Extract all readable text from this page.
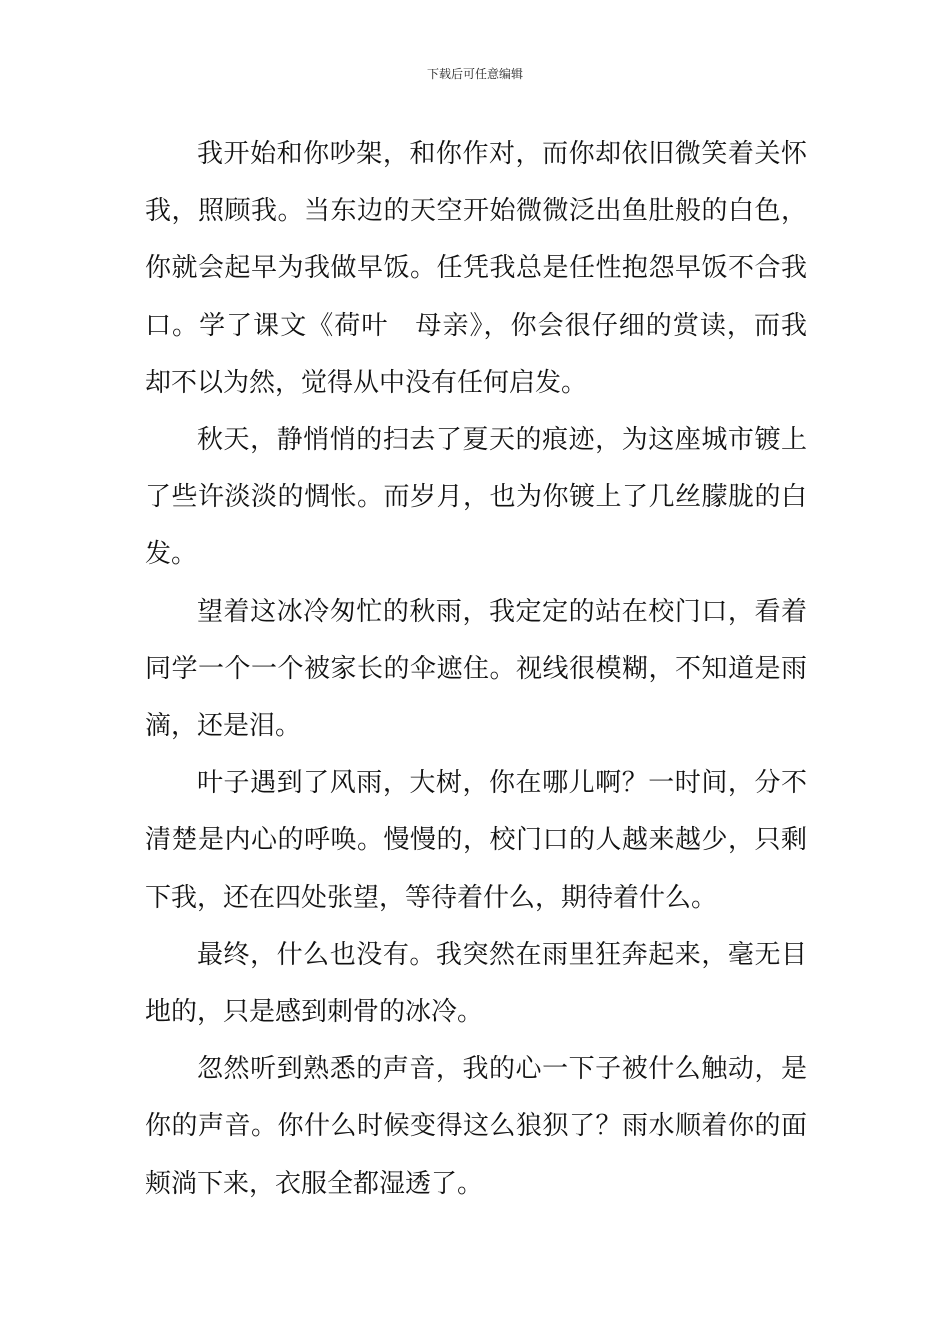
下载后可任意编辑

我开始和你吵架，和你作对，而你却依旧微笑着关怀我，照顾我。当东边的天空开始微微泛出鱼肚般的白色，你就会起早为我做早饭。任凭我总是任性抱怨早饭不合我口。学了课文《荷叶　母亲》，你会很仔细的赏读，而我却不以为然，觉得从中没有任何启发。

秋天，静悄悄的扫去了夏天的痕迹，为这座城市镀上了些许淡淡的惆怅。而岁月，也为你镀上了几丝朦胧的白发。

望着这冰冷匆忙的秋雨，我定定的站在校门口，看着同学一个一个被家长的伞遮住。视线很模糊，不知道是雨滴，还是泪。

叶子遇到了风雨，大树，你在哪儿啊？一时间，分不清楚是内心的呼唤。慢慢的，校门口的人越来越少，只剩下我，还在四处张望，等待着什么，期待着什么。

最终，什么也没有。我突然在雨里狂奔起来，毫无目地的，只是感到刺骨的冰冷。

忽然听到熟悉的声音，我的心一下子被什么触动，是你的声音。你什么时候变得这么狼狈了？雨水顺着你的面颊淌下来，衣服全都湿透了。
